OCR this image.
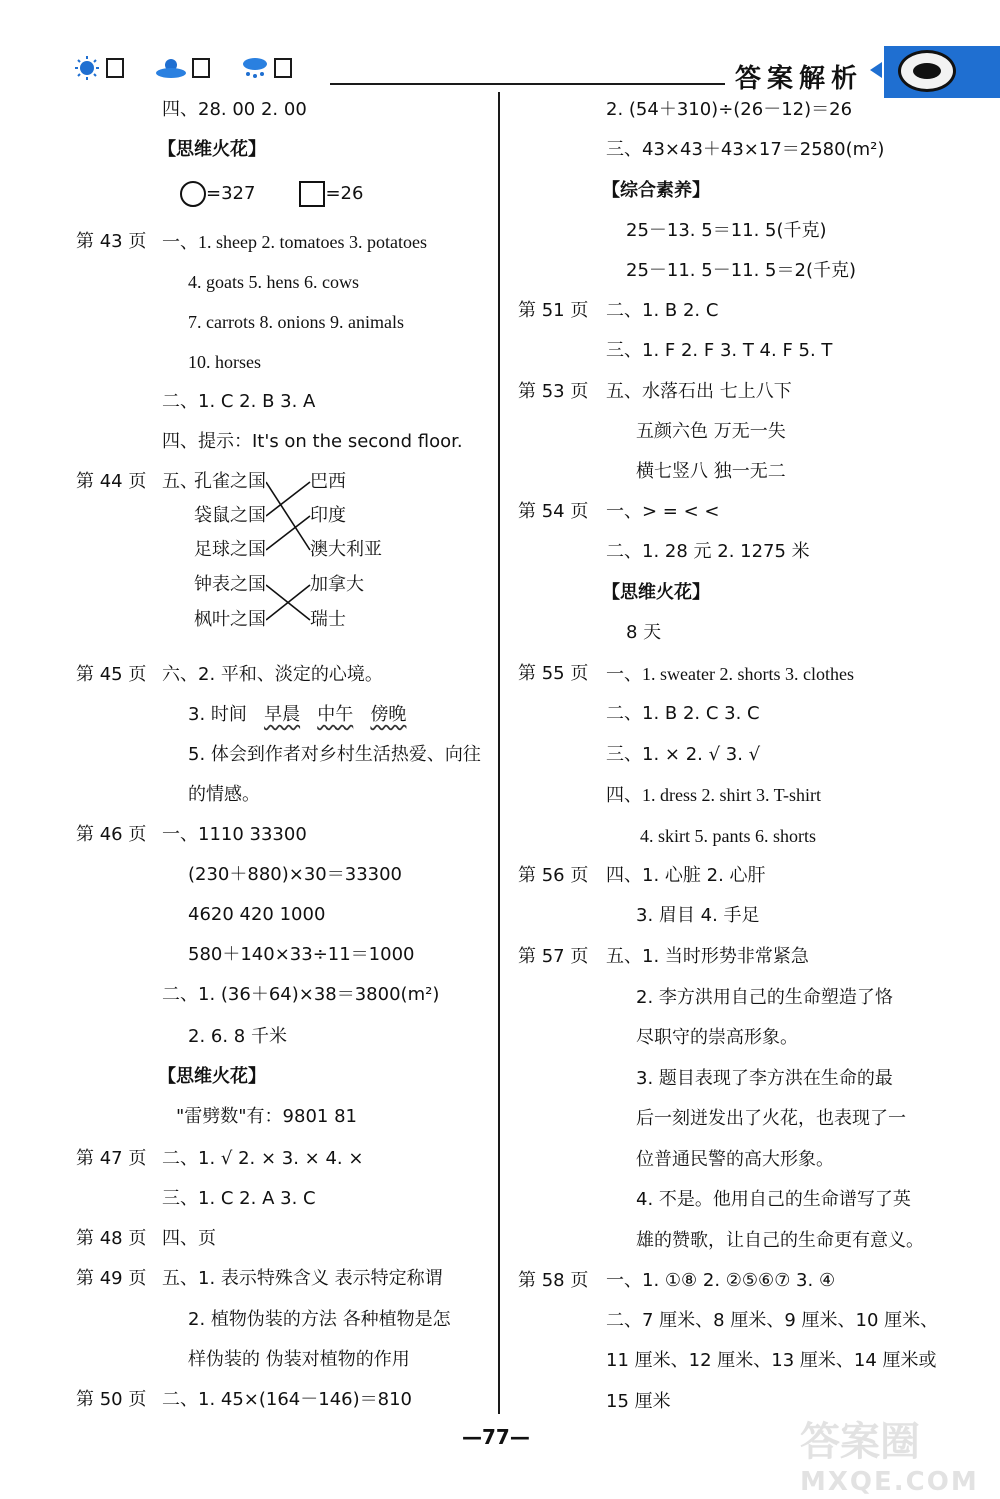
答案解析
四、28. 00 2. 00
【思维火花】
=327	=26
第 43 页 一、1. sheep 2. tomatoes 3. potatoes
4. goats 5. hens 6. cows
7. carrots 8. onions 9. animals
10. horses
二、1. C 2. B 3. A
四、提示：It's on the second floor.
第 44 页 五、
孔雀之国
袋鼠之国
足球之国
钟表之国
枫叶之国
巴西
印度
澳大利亚
加拿大
瑞士
第 45 页 六、2. 平和、淡定的心境。
3. 时间 早晨 中午 傍晚
5. 体会到作者对乡村生活热爱、向往
的情感。
第 46 页 一、1110 33300
(230＋880)×30＝33300
4620 420 1000
580＋140×33÷11＝1000
二、1. (36＋64)×38＝3800(m²)
2. 6. 8 千米
【思维火花】
"雷劈数"有：9801 81
第 47 页 二、1. √ 2. × 3. × 4. ×
三、1. C 2. A 3. C
第 48 页 四、页
第 49 页 五、1. 表示特殊含义 表示特定称谓
2. 植物伪装的方法 各种植物是怎
样伪装的 伪装对植物的作用
第 50 页 二、1. 45×(164－146)＝810
2. (54＋310)÷(26－12)＝26
三、43×43＋43×17＝2580(m²)
【综合素养】
25－13. 5＝11. 5(千克)
25－11. 5－11. 5＝2(千克)
第 51 页 二、1. B 2. C
三、1. F 2. F 3. T 4. F 5. T
第 53 页 五、水落石出 七上八下
五颜六色 万无一失
横七竖八 独一无二
第 54 页 一、> = < <
二、1. 28 元 2. 1275 米
【思维火花】
8 天
第 55 页 一、1. sweater 2. shorts 3. clothes
二、1. B 2. C 3. C
三、1. × 2. √ 3. √
四、1. dress 2. shirt 3. T-shirt
4. skirt 5. pants 6. shorts
第 56 页 四、1. 心脏 2. 心肝
3. 眉目 4. 手足
第 57 页 五、1. 当时形势非常紧急
2. 李方洪用自己的生命塑造了恪
尽职守的崇高形象。
3. 题目表现了李方洪在生命的最
后一刻迸发出了火花，也表现了一
位普通民警的高大形象。
4. 不是。他用自己的生命谱写了英
雄的赞歌，让自己的生命更有意义。
第 58 页 一、1. ①⑧ 2. ②⑤⑥⑦ 3. ④
二、7 厘米、8 厘米、9 厘米、10 厘米、
11 厘米、12 厘米、13 厘米、14 厘米或
15 厘米
—77—	答案圈
MXQE.COM
